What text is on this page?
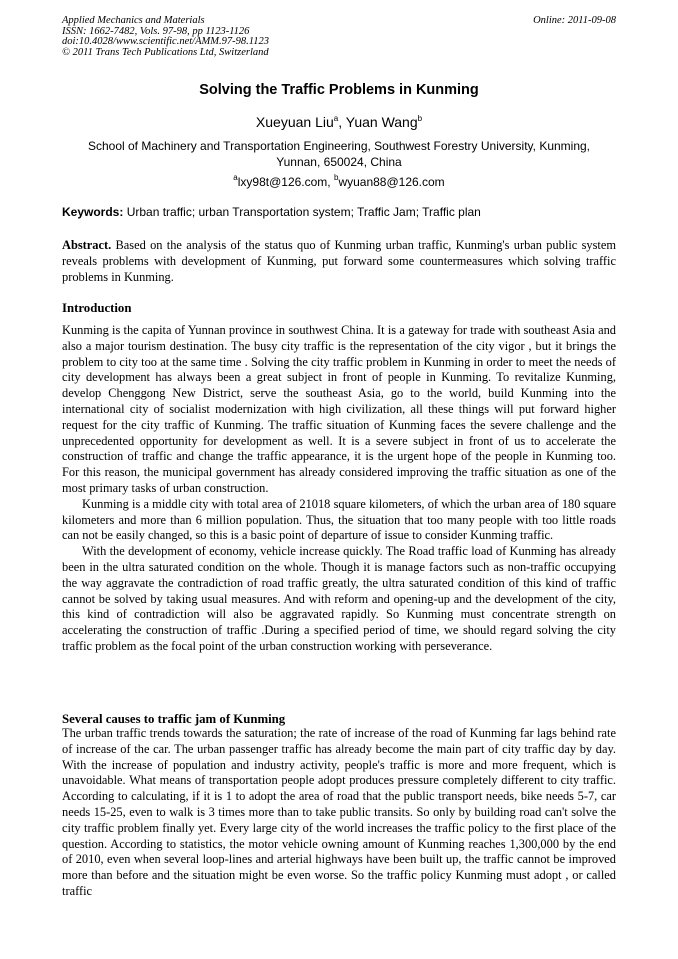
Applied Mechanics and Materials
ISSN: 1662-7482, Vols. 97-98, pp 1123-1126
doi:10.4028/www.scientific.net/AMM.97-98.1123
© 2011 Trans Tech Publications Ltd, Switzerland
Online: 2011-09-08
Solving the Traffic Problems in Kunming
Xueyuan Liu$^a$, Yuan Wang$^b$
School of Machinery and Transportation Engineering, Southwest Forestry University, Kunming,
Yunnan, 650024, China
$^a$lxy98t@126.com, $^b$wyuan88@126.com
Keywords: Urban traffic; urban Transportation system; Traffic Jam; Traffic plan
Abstract. Based on the analysis of the status quo of Kunming urban traffic, Kunming's urban public system reveals problems with development of Kunming, put forward some countermeasures which solving traffic problems in Kunming.
Introduction

Kunming is the capita of Yunnan province in southwest China. It is a gateway for trade with southeast Asia and also a major tourism destination. The busy city traffic is the representation of the city vigor , but it brings the problem to city too at the same time . Solving the city traffic problem in Kunming in order to meet the needs of city development has always been a great subject in front of people in Kunming. To revitalize Kunming, develop Chenggong New District, serve the southeast Asia, go to the world, build Kunming into the international city of socialist modernization with high civilization, all these things will put forward higher request for the city traffic of Kunming. The traffic situation of Kunming faces the severe challenge and the unprecedented opportunity for development as well. It is a severe subject in front of us to accelerate the construction of traffic and change the traffic appearance, it is the urgent hope of the people in Kunming too. For this reason, the municipal government has already considered improving the traffic situation as one of the most primary tasks of urban construction.

Kunming is a middle city with total area of 21018 square kilometers, of which the urban area of 180 square kilometers and more than 6 million population. Thus, the situation that too many people with too little roads can not be easily changed, so this is a basic point of departure of issue to consider Kunming traffic.

With the development of economy, vehicle increase quickly. The Road traffic load of Kunming has already been in the ultra saturated condition on the whole. Though it is manage factors such as non-traffic occupying the way aggravate the contradiction of road traffic greatly, the ultra saturated condition of this kind of traffic cannot be solved by taking usual measures. And with reform and opening-up and the development of the city, this kind of contradiction will also be aggravated rapidly. So Kunming must concentrate strength on accelerating the construction of traffic .During a specified period of time, we should regard solving the city traffic problem as the focal point of the urban construction working with perseverance.

Several causes to traffic jam of Kunming

The urban traffic trends towards the saturation; the rate of increase of the road of Kunming far lags behind rate of increase of the car. The urban passenger traffic has already become the main part of city traffic day by day. With the increase of population and industry activity, people's traffic is more and more frequent, which is unavoidable. What means of transportation people adopt produces pressure completely different to city traffic. According to calculating, if it is 1 to adopt the area of road that the public transport needs, bike needs 5-7, car needs 15-25, even to walk is 3 times more than to take public transits. So only by building road can't solve the city traffic problem finally yet. Every large city of the world increases the traffic policy to the first place of the question. According to statistics, the motor vehicle owning amount of Kunming reaches 1,300,000 by the end of 2010, even when several loop-lines and arterial highways have been built up, the traffic cannot be improved more than before and the situation might be even worse. So the traffic policy Kunming must adopt , or called traffic
